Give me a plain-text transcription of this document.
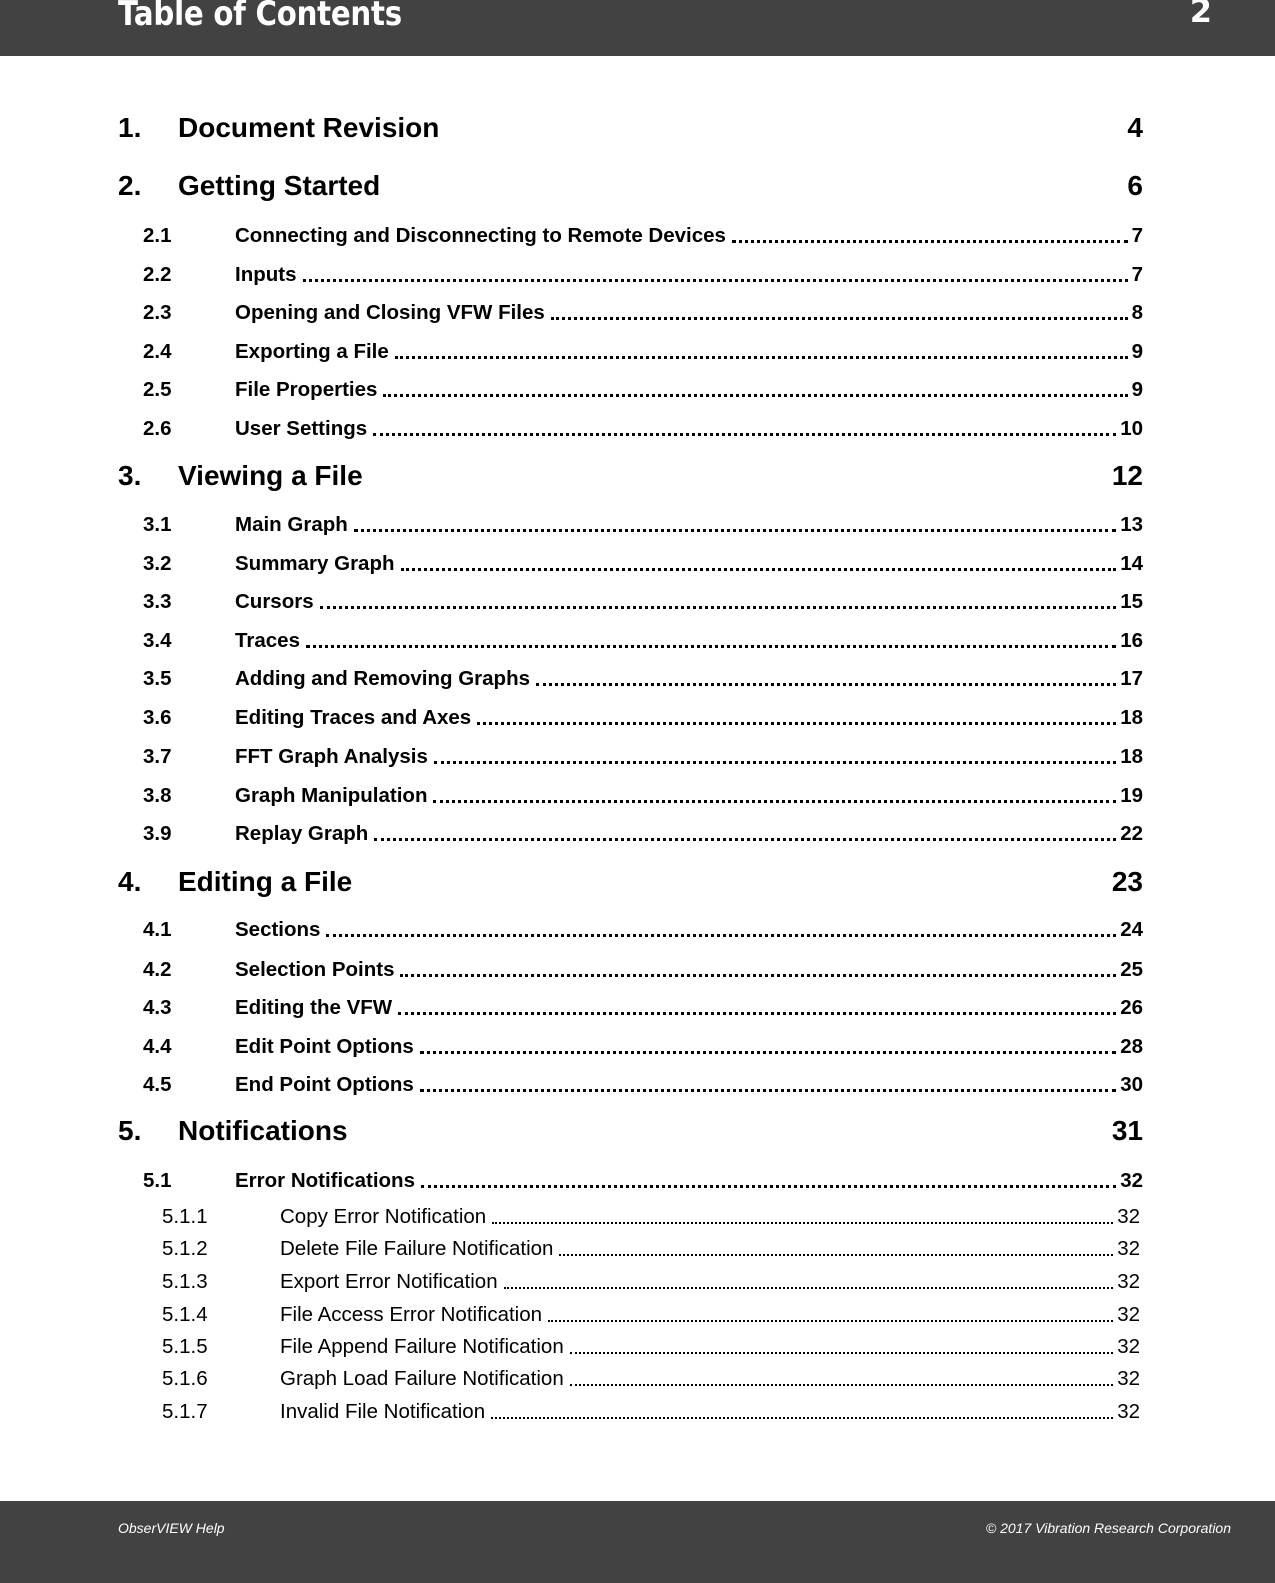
Table of Contents	2
1.	Document Revision	4
2.	Getting Started	6
2.1	Connecting and Disconnecting to Remote Devices	7
2.2	Inputs	7
2.3	Opening and Closing VFW Files	8
2.4	Exporting a File	9
2.5	File Properties	9
2.6	User Settings	10
3.	Viewing a File	12
3.1	Main Graph	13
3.2	Summary Graph	14
3.3	Cursors	15
3.4	Traces	16
3.5	Adding and Removing Graphs	17
3.6	Editing Traces and Axes	18
3.7	FFT Graph Analysis	18
3.8	Graph Manipulation	19
3.9	Replay Graph	22
4.	Editing a File	23
4.1	Sections	24
4.2	Selection Points	25
4.3	Editing the VFW	26
4.4	Edit Point Options	28
4.5	End Point Options	30
5.	Notifications	31
5.1	Error Notifications	32
5.1.1	Copy Error Notification	32
5.1.2	Delete File Failure Notification	32
5.1.3	Export Error Notification	32
5.1.4	File Access Error Notification	32
5.1.5	File Append Failure Notification	32
5.1.6	Graph Load Failure Notification	32
5.1.7	Invalid File Notification	32
ObserVIEW Help	© 2017 Vibration Research Corporation
